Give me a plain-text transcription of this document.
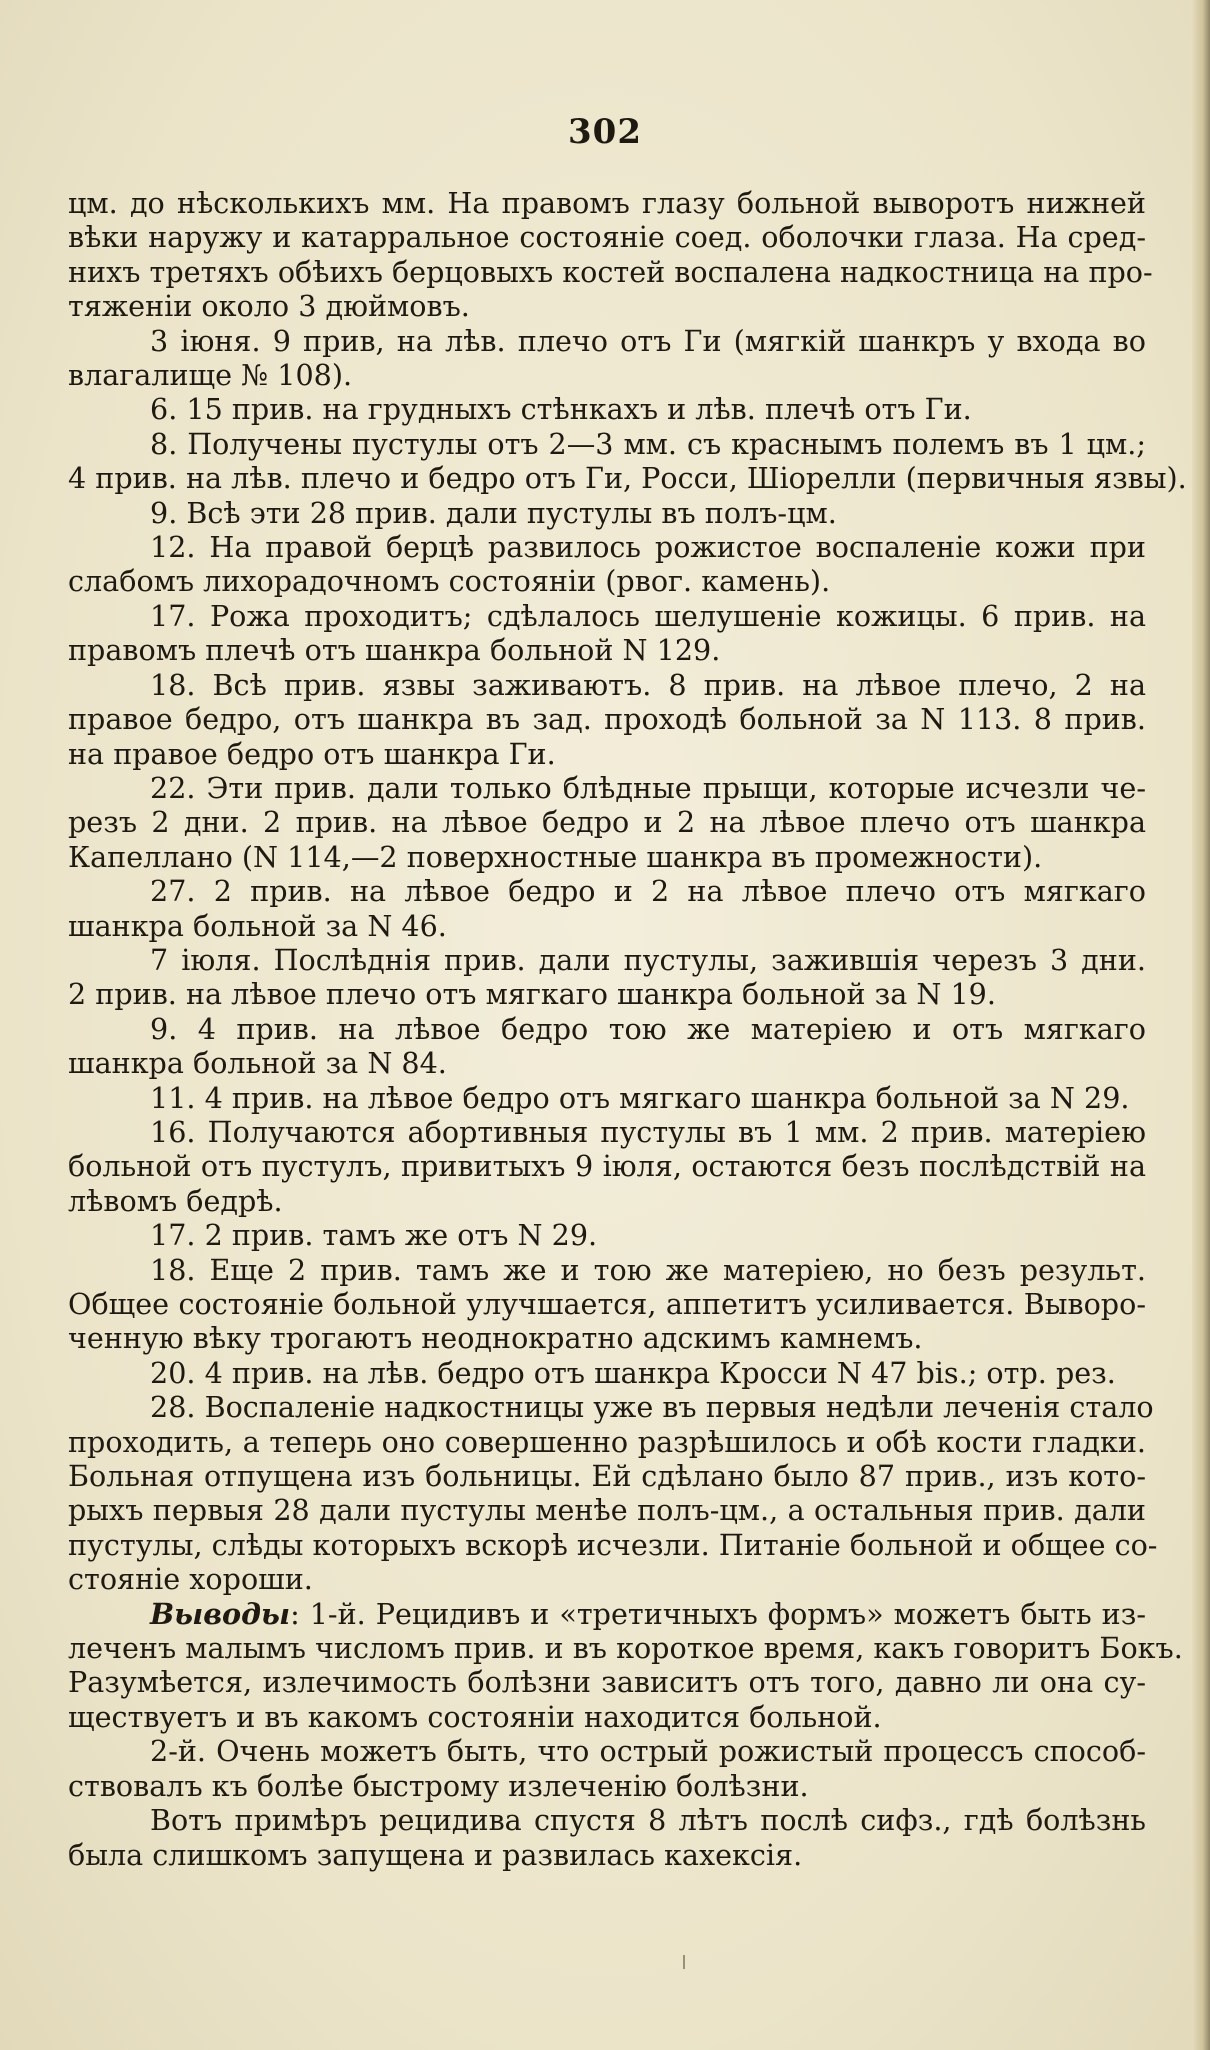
302
цм. до нѣсколькихъ мм. На правомъ глазу больной выворотъ нижней
вѣки наружу и катарральное состоянiе соед. оболочки глаза. На сред-
нихъ третяхъ обѣихъ берцовыхъ костей воспалена надкостница на про-
тяженiи около 3 дюймовъ.
3 iюня. 9 прив, на лѣв. плечо отъ Ги (мягкiй шанкръ у входа во
влагалище № 108).
6. 15 прив. на грудныхъ стѣнкахъ и лѣв. плечѣ отъ Ги.
8. Получены пустулы отъ 2—3 мм. съ краснымъ полемъ въ 1 цм.;
4 прив. на лѣв. плечо и бедро отъ Ги, Росси, Шiорелли (первичныя язвы).
9. Всѣ эти 28 прив. дали пустулы въ полъ-цм.
12. На правой берцѣ развилось рожистое воспаленiе кожи при
слабомъ лихорадочномъ состоянiи (рвог. камень).
17. Рожа проходитъ; сдѣлалось шелушенiе кожицы. 6 прив. на
правомъ плечѣ отъ шанкра больной N 129.
18. Всѣ прив. язвы заживаютъ. 8 прив. на лѣвое плечо, 2 на
правое бедро, отъ шанкра въ зад. проходѣ больной за N 113. 8 прив.
на правое бедро отъ шанкра Ги.
22. Эти прив. дали только блѣдные прыщи, которые исчезли че-
резъ 2 дни. 2 прив. на лѣвое бедро и 2 на лѣвое плечо отъ шанкра
Капеллано (N 114,—2 поверхностные шанкра въ промежности).
27. 2 прив. на лѣвое бедро и 2 на лѣвое плечо отъ мягкаго
шанкра больной за N 46.
7 iюля. Послѣднiя прив. дали пустулы, зажившiя черезъ 3 дни.
2 прив. на лѣвое плечо отъ мягкаго шанкра больной за N 19.
9. 4 прив. на лѣвое бедро тою же матерiею и отъ мягкаго
шанкра больной за N 84.
11. 4 прив. на лѣвое бедро отъ мягкаго шанкра больной за N 29.
16. Получаются абортивныя пустулы въ 1 мм. 2 прив. матерiею
больной отъ пустулъ, привитыхъ 9 iюля, остаются безъ послѣдствiй на
лѣвомъ бедрѣ.
17. 2 прив. тамъ же отъ N 29.
18. Еще 2 прив. тамъ же и тою же матерiею, но безъ результ.
Общее состоянiе больной улучшается, аппетитъ усиливается. Выворо-
ченную вѣку трогаютъ неоднократно адскимъ камнемъ.
20. 4 прив. на лѣв. бедро отъ шанкра Кросси N 47 bis.; отр. рез.
28. Воспаленiе надкостницы уже въ первыя недѣли леченiя стало
проходить, а теперь оно совершенно разрѣшилось и обѣ кости гладки.
Больная отпущена изъ больницы. Ей сдѣлано было 87 прив., изъ кото-
рыхъ первыя 28 дали пустулы менѣе полъ-цм., а остальныя прив. дали
пустулы, слѣды которыхъ вскорѣ исчезли. Питанiе больной и общее со-
стоянiе хороши.
Выводы: 1-й. Рецидивъ и «третичныхъ формъ» можетъ быть из-
леченъ малымъ числомъ прив. и въ короткое время, какъ говоритъ Бокъ.
Разумѣется, излечимость болѣзни зависитъ отъ того, давно ли она су-
ществуетъ и въ какомъ состоянiи находится больной.
2-й. Очень можетъ быть, что острый рожистый процессъ способ-
ствовалъ къ болѣе быстрому излеченiю болѣзни.
Вотъ примѣръ рецидива спустя 8 лѣтъ послѣ сифз., гдѣ болѣзнь
была слишкомъ запущена и развилась кахексiя.
